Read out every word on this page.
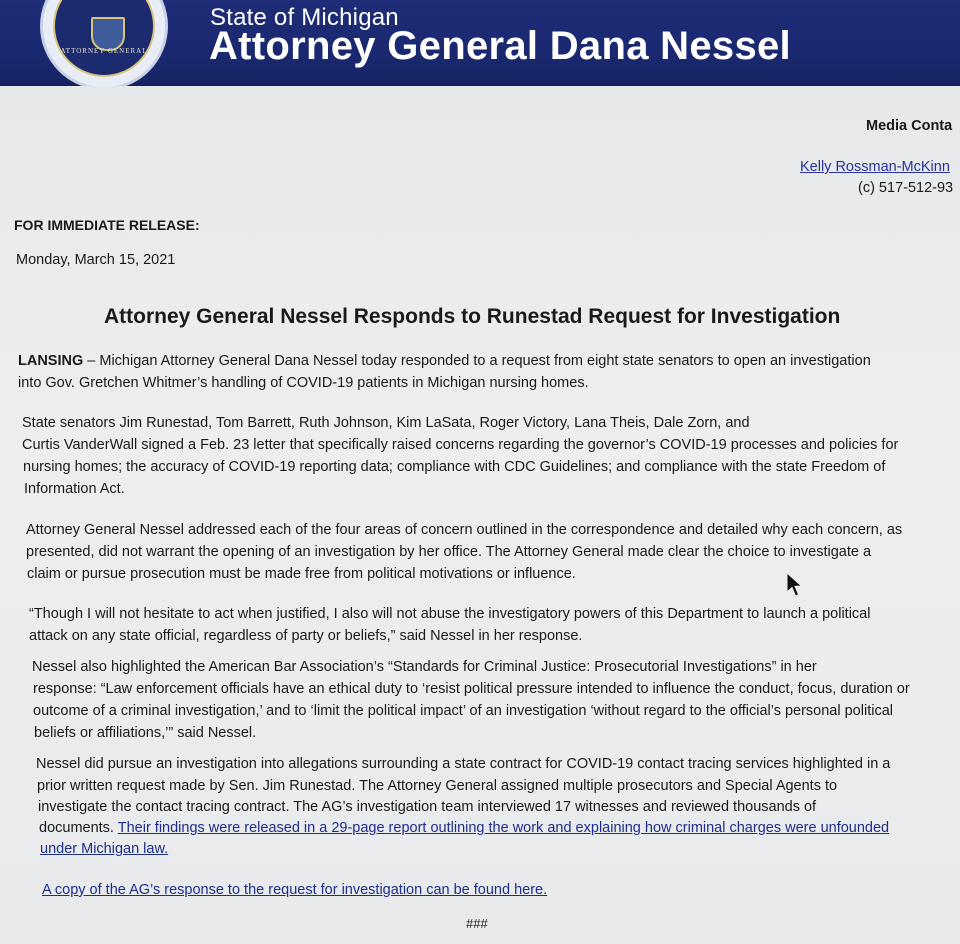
ATTORNEY GENERAL
State of Michigan
Attorney General Dana Nessel
Media Conta
Kelly Rossman-McKinn
(c) 517-512-93
FOR IMMEDIATE RELEASE:
Monday, March 15, 2021
Attorney General Nessel Responds to Runestad Request for Investigation
LANSING – Michigan Attorney General Dana Nessel today responded to a request from eight state senators to open an investigation
into Gov. Gretchen Whitmer’s handling of COVID-19 patients in Michigan nursing homes.
State senators Jim Runestad, Tom Barrett, Ruth Johnson, Kim LaSata, Roger Victory, Lana Theis, Dale Zorn, and
Curtis VanderWall signed a Feb. 23 letter that specifically raised concerns regarding the governor’s COVID-19 processes and policies for
nursing homes; the accuracy of COVID-19 reporting data; compliance with CDC Guidelines; and compliance with the state Freedom of
Information Act.
Attorney General Nessel addressed each of the four areas of concern outlined in the correspondence and detailed why each concern, as
presented, did not warrant the opening of an investigation by her office. The Attorney General made clear the choice to investigate a
claim or pursue prosecution must be made free from political motivations or influence.
“Though I will not hesitate to act when justified, I also will not abuse the investigatory powers of this Department to launch a political
attack on any state official, regardless of party or beliefs,” said Nessel in her response.
Nessel also highlighted the American Bar Association’s “Standards for Criminal Justice: Prosecutorial Investigations” in her
response: “Law enforcement officials have an ethical duty to ‘resist political pressure intended to influence the conduct, focus, duration or
outcome of a criminal investigation,’ and to ‘limit the political impact’ of an investigation ‘without regard to the official’s personal political
beliefs or affiliations,’” said Nessel.
Nessel did pursue an investigation into allegations surrounding a state contract for COVID-19 contact tracing services highlighted in a
prior written request made by Sen. Jim Runestad. The Attorney General assigned multiple prosecutors and Special Agents to
investigate the contact tracing contract. The AG’s investigation team interviewed 17 witnesses and reviewed thousands of
documents. Their findings were released in a 29-page report outlining the work and explaining how criminal charges were unfounded
under Michigan law.
A copy of the AG’s response to the request for investigation can be found here.
###
